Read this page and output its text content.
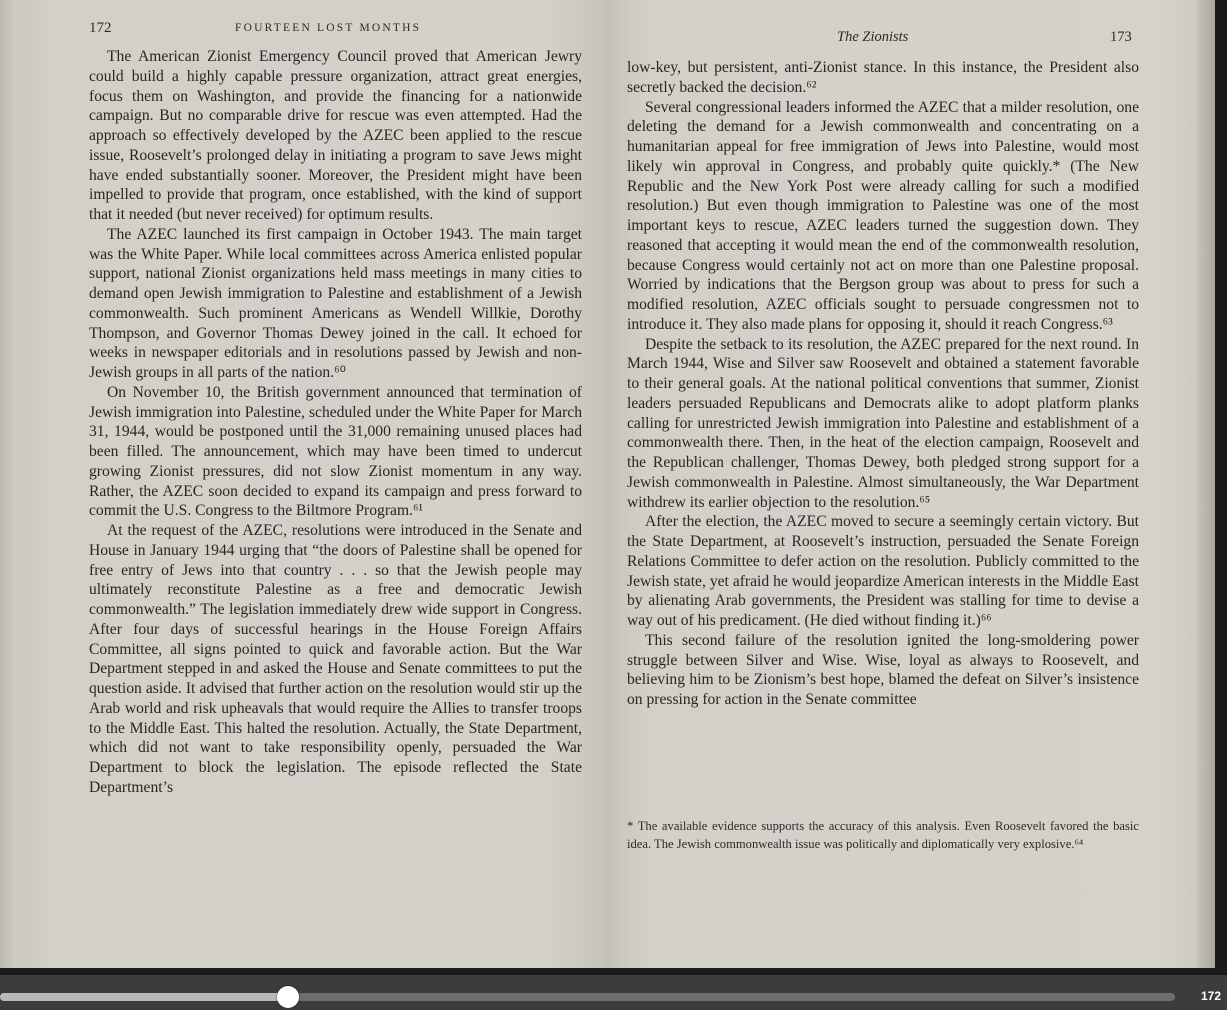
172	FOURTEEN LOST MONTHS

The American Zionist Emergency Council proved that American Jewry could build a highly capable pressure organization, attract great energies, focus them on Washington, and provide the financing for a nationwide campaign. But no comparable drive for rescue was even attempted. Had the approach so effectively developed by the AZEC been applied to the rescue issue, Roosevelt’s prolonged delay in initiating a program to save Jews might have ended substantially sooner. Moreover, the President might have been impelled to provide that program, once established, with the kind of support that it needed (but never received) for optimum results.

The AZEC launched its first campaign in October 1943. The main target was the White Paper. While local committees across America enlisted popular support, national Zionist organizations held mass meetings in many cities to demand open Jewish immigration to Palestine and establishment of a Jewish commonwealth. Such prominent Americans as Wendell Willkie, Dorothy Thompson, and Governor Thomas Dewey joined in the call. It echoed for weeks in newspaper editorials and in resolutions passed by Jewish and non-Jewish groups in all parts of the nation.⁶⁰

On November 10, the British government announced that termination of Jewish immigration into Palestine, scheduled under the White Paper for March 31, 1944, would be postponed until the 31,000 remaining unused places had been filled. The announcement, which may have been timed to undercut growing Zionist pressures, did not slow Zionist momentum in any way. Rather, the AZEC soon decided to expand its campaign and press forward to commit the U.S. Congress to the Biltmore Program.⁶¹

At the request of the AZEC, resolutions were introduced in the Senate and House in January 1944 urging that “the doors of Palestine shall be opened for free entry of Jews into that country . . . so that the Jewish people may ultimately reconstitute Palestine as a free and democratic Jewish commonwealth.” The legislation immediately drew wide support in Congress. After four days of successful hearings in the House Foreign Affairs Committee, all signs pointed to quick and favorable action. But the War Department stepped in and asked the House and Senate committees to put the question aside. It advised that further action on the resolution would stir up the Arab world and risk upheavals that would require the Allies to transfer troops to the Middle East. This halted the resolution. Actually, the State Department, which did not want to take responsibility openly, persuaded the War Department to block the legislation. The episode reflected the State Department’s

The Zionists	173

low-key, but persistent, anti-Zionist stance. In this instance, the President also secretly backed the decision.⁶²

Several congressional leaders informed the AZEC that a milder resolution, one deleting the demand for a Jewish commonwealth and concentrating on a humanitarian appeal for free immigration of Jews into Palestine, would most likely win approval in Congress, and probably quite quickly.* (The New Republic and the New York Post were already calling for such a modified resolution.) But even though immigration to Palestine was one of the most important keys to rescue, AZEC leaders turned the suggestion down. They reasoned that accepting it would mean the end of the commonwealth resolution, because Congress would certainly not act on more than one Palestine proposal. Worried by indications that the Bergson group was about to press for such a modified resolution, AZEC officials sought to persuade congressmen not to introduce it. They also made plans for opposing it, should it reach Congress.⁶³

Despite the setback to its resolution, the AZEC prepared for the next round. In March 1944, Wise and Silver saw Roosevelt and obtained a statement favorable to their general goals. At the national political conventions that summer, Zionist leaders persuaded Republicans and Democrats alike to adopt platform planks calling for unrestricted Jewish immigration into Palestine and establishment of a commonwealth there. Then, in the heat of the election campaign, Roosevelt and the Republican challenger, Thomas Dewey, both pledged strong support for a Jewish commonwealth in Palestine. Almost simultaneously, the War Department withdrew its earlier objection to the resolution.⁶⁵

After the election, the AZEC moved to secure a seemingly certain victory. But the State Department, at Roosevelt’s instruction, persuaded the Senate Foreign Relations Committee to defer action on the resolution. Publicly committed to the Jewish state, yet afraid he would jeopardize American interests in the Middle East by alienating Arab governments, the President was stalling for time to devise a way out of his predicament. (He died without finding it.)⁶⁶

This second failure of the resolution ignited the long-smoldering power struggle between Silver and Wise. Wise, loyal as always to Roosevelt, and believing him to be Zionism’s best hope, blamed the defeat on Silver’s insistence on pressing for action in the Senate committee

* The available evidence supports the accuracy of this analysis. Even Roosevelt favored the basic idea. The Jewish commonwealth issue was politically and diplomatically very explosive.⁶⁴
172
